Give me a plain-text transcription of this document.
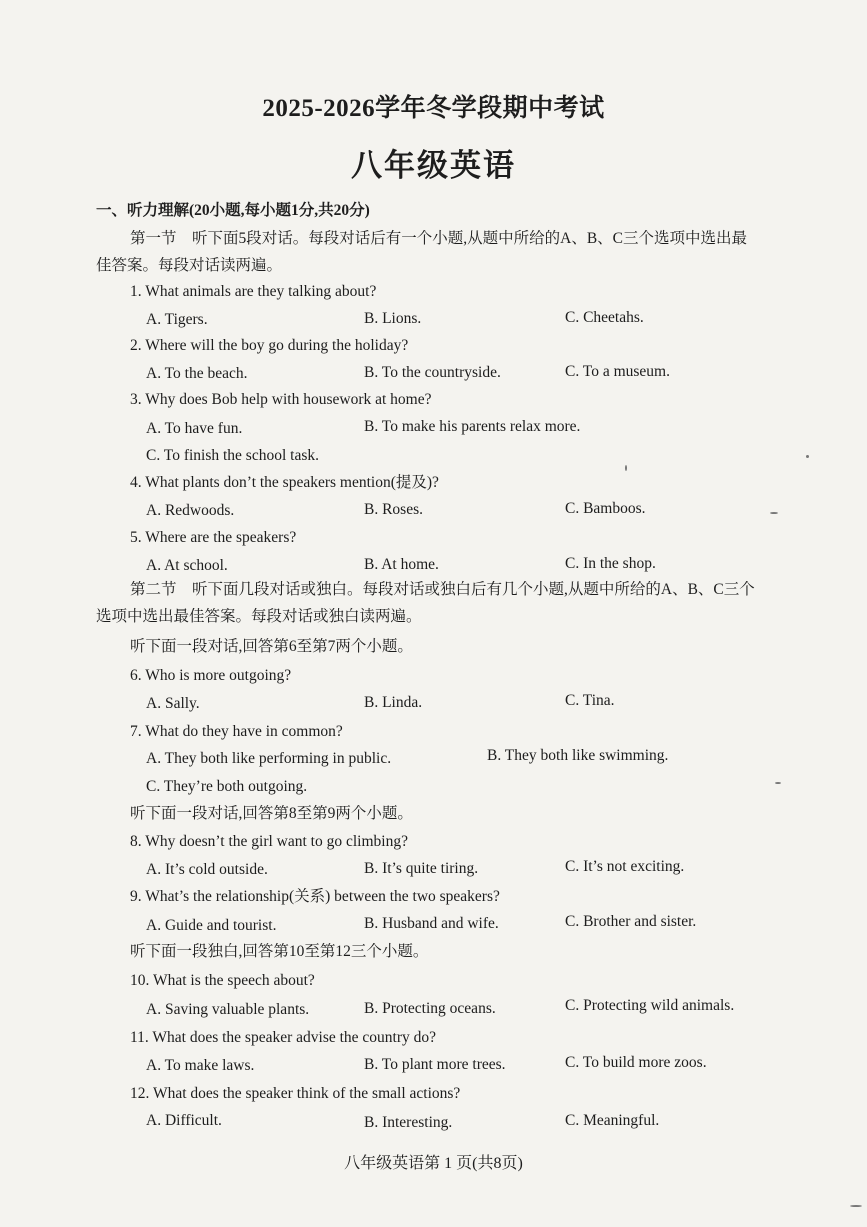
2025-2026学年冬学段期中考试
八年级英语
一、听力理解(20小题,每小题1分,共20分)
第一节　听下面5段对话。每段对话后有一个小题,从题中所给的A、B、C三个选项中选出最
佳答案。每段对话读两遍。
1. What animals are they talking about?
A. Tigers.	B. Lions.	C. Cheetahs.
2. Where will the boy go during the holiday?
A. To the beach.	B. To the countryside.	C. To a museum.
3. Why does Bob help with housework at home?
A. To have fun.	B. To make his parents relax more.
C. To finish the school task.
4. What plants don’t the speakers mention(提及)?
A. Redwoods.	B. Roses.	C. Bamboos.
5. Where are the speakers?
A. At school.	B. At home.	C. In the shop.
第二节　听下面几段对话或独白。每段对话或独白后有几个小题,从题中所给的A、B、C三个
选项中选出最佳答案。每段对话或独白读两遍。
听下面一段对话,回答第6至第7两个小题。
6. Who is more outgoing?
A. Sally.	B. Linda.	C. Tina.
7. What do they have in common?
A. They both like performing in public.	B. They both like swimming.
C. They’re both outgoing.
听下面一段对话,回答第8至第9两个小题。
8. Why doesn’t the girl want to go climbing?
A. It’s cold outside.	B. It’s quite tiring.	C. It’s not exciting.
9. What’s the relationship(关系) between the two speakers?
A. Guide and tourist.	B. Husband and wife.	C. Brother and sister.
听下面一段独白,回答第10至第12三个小题。
10. What is the speech about?
A. Saving valuable plants.	B. Protecting oceans.	C. Protecting wild animals.
11. What does the speaker advise the country do?
A. To make laws.	B. To plant more trees.	C. To build more zoos.
12. What does the speaker think of the small actions?
A. Difficult.	B. Interesting.	C. Meaningful.
八年级英语第 1 页(共8页)
